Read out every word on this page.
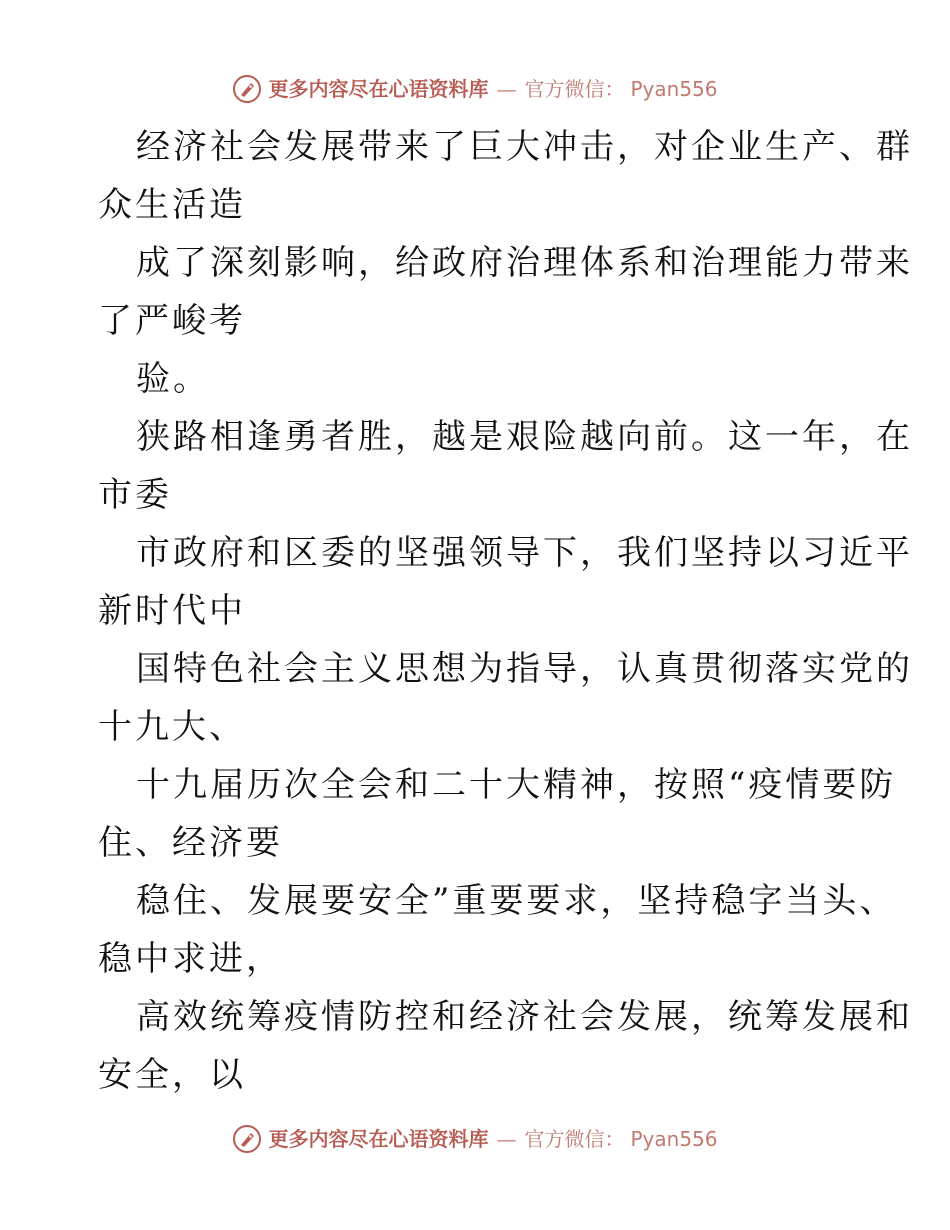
更多内容尽在心语资料库 — 官方微信： Pyan556

经济社会发展带来了巨大冲击，对企业生产、群

众生活造

成了深刻影响，给政府治理体系和治理能力带来

了严峻考

验。

狭路相逢勇者胜，越是艰险越向前。这一年，在

市委

市政府和区委的坚强领导下，我们坚持以习近平

新时代中

国特色社会主义思想为指导，认真贯彻落实党的

十九大、

十九届历次全会和二十大精神，按照“疫情要防

住、经济要

稳住、发展要安全”重要要求，坚持稳字当头、

稳中求进，

高效统筹疫情防控和经济社会发展，统筹发展和

安全，以

更多内容尽在心语资料库 — 官方微信： Pyan556
